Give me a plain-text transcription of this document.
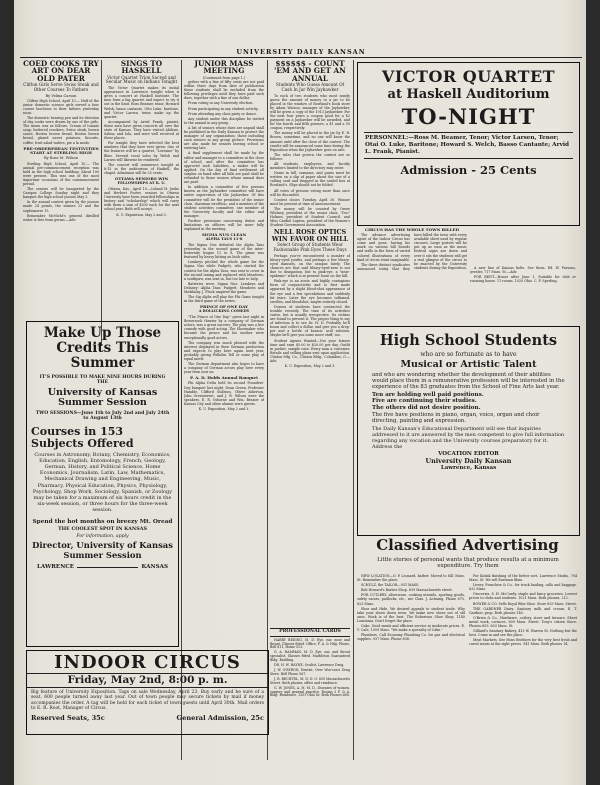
UNIVERSITY DAILY KANSAN
COED COOKS TRY ART ON DEAR OLD PATER
Clifton Girls Serve Swiss Steak and Other Courses To Fathers
By Velma Carson

Clifton High School, April 10.— Half of the junior domestic science girls served a four course luncheon to their fathers yesterday noon.

The domestic hearing pen and its devotion of day cooks were drawn by one of the girls. The menu was as follows: Cream of tomato soup, buttered crackers, Swiss steak, brown sauce, Boston brown bread, Boston brown bread, glazed sweet potatoes, biscuits, coffee, fruit salad wafers, pie a la mode.

PRE-ORDERPHEAN TESTIVITIES START AT STERLING HIGH
By Rose M. Wilson

Sterling High School, April 10.— The annual pre-commencement reception was held in the high school building. About 100 were present. This was one of the most important occasions of the commencement period.

The seniors will be banqueted by the Campus College Sunday night and they banquet the high school juniors May 3.

In the annual contest given by the juniors made 24 points, the seniors 23 and the sophomores 15.

Remember McNicht's general distilled water is free from germs.—Adv.

SINGS TO HASKELL
Victor Quartet Trion Sacred and Secular Music on Indians Tonight

The Victor Quartet makes its initial appearance in Lawrence tonight when it gives a concert at Haskell Institute. The men form a big quartet and expect to try it out in the limit. Ross Beamer, tenor, Howard Welsh, basso cantante, Otto Luke, baritone, and Victor Larsen, tenor, make up the quartet.

Accompanied by Arvid Frank, pianist, these men have given concerts all over the state of Kansas. They have visited Abilene, Salina, and Iola, and were well received at these places.

For tonight they have selected the best numbers that they have ever given. One of the features will be a quartet, "Lorraine" by Bliss. Several vocal solos by Welsh and Larsen will likewise be rendered.

The concert will commence tonight at 8:15 in the auditorium of Haskell, the chapel. Admission will be 25 cents.

OTTAWA SENIORS WIN
FELLOWSHIPS AT K. U.

Ottawa, Kas., April 10.—Leland H. Jenks and Herbert Foster, seniors in Ottawa University have been awarded fellowships in history and "scholarship" which will carry with them a sum of $200 each for the next school year. Both will accept.

K. U. Exposition, May 2 and 3.
JUNIOR MASS MEETING
(Continued from page 1.)

gether with a fine of fifty cents are not paid within three days from date of publication these students shall be excluded from the following privileges until they have paid such dues, together with a fine of one dollar.

From voting in any University election.

From participating in any student activity.

From attending any class party or dance.

Any student under this discipline be invited to the annual in any group.

A list of seniors whose dues are unpaid shall be published in the Daily Kansan to protect the manager of any organization; those including such seniors in any group picture. Provisions are also made for seniors leaving school or entering late.

A final supplement shall be made by the editor and manager to a committee at the close of school, and after the committee has approved such liabilities, a sinker will be applied. On the day of final settlement all surplus on hand after all bills are paid shall be refunded to those seniors whose annual dues are paid.

In addition a committee of five persons known as the Jayhawker committee will have entire supervision of the Jayhawker. Of this committee will be the president of the senior class, chairman ex-officio, and a member of the student activities committee, one member of the University faculty and the editor and manager.

Further provisions concerning duties and limitations on officers will be more fully explained in the meeting.

SIGMA NUS CLEAN
ALPHA TAUS 11-8

The Sigma Nus defeated the Alpha Taus yesterday in the second game of the inter-fraternity league 11 to 8. The game was featured by heavy hitting on both sides.

Lemkeys pitched the whole game for the Sigma Nus while Padgett, who started the contest for the Alpha Taus, was sent to cover in the second inning and replaced with Meadows, a southpaw, was sent in, but too late to help.

Batteries were: Sigma Nus: Lemkeys and Delaney; Alpha Taus: Padgett, Meadows and Meddalay. J. Fluck umpired the game.

The Sig Alphs will play the Phi Gams tonight in the third game of the series.

PRINCE OF ONE DAY
A ROLLICKING COMEDY

"The Prince of One Day," given last night in Bowersock theater by a company of German actors, was a great success. The play was a live comedy with good acting. The Shoemaker who became the prince and his mother were exceptionally good actors.

The company was much pleased with the interest displayed in their German production and expects to play here again next year, probably giving Wilhelm Tell or some play of equal merit.

The German department also hopes to have a company of German actors play here every year from now on.

P. A. D. Holds Annual Banquet

Phi Alpha Delta held its second Founders' Day banquet last night. Dean Green, Professor Hamble, Clifford Sullivan, Oliver Atherton, John Greenstreet, and J. R. Wilson were the speakers. E. R. Osborne and Wm. Brazier of Kansas City and other alumni were guests.

K. U. Exposition, May 2 and 3.
$$$$$$ - COUNT 'EM AND GET AN ANNUAL
Students Who Guess Amount Of Cash In Jar Win Jayhawker

To each of two students who most nearly guess the amount of money in a jar to be placed in the window of Rowland's book store by Adam Watson, manager of the Jayhawker, will be given a copy of the 1913 Jayhawker. For the next four years a coupon good for a $2 payment on a Jayhawker will be awarded, and for the fourth and fifth guesses, a $1 and a 50 coupon, respectively.

The money will be placed in the jar by E. R. Brown, sometime, and no one will know the amount until after the close of the contest. The results will be announced some time during the Exposition when the Jayhawker goes on sale.

The rules that govern the contest are as follows:

All students, employees, and faculty members limited to the directory may enter.

Name in full, surname, and guess must be written on a slip of paper about the size of a calling card and dropped in the sealed box at Rowland's. Slips should not be folded.

All votes of persons voting more than once will be discarded.

Contest closes Tuesday, April 30. Winner must be present at time of announcement.

The money will be counted by Orner Whitney, president of the senior class, "Doc" Holmes, president of Student Council, and Miss Cardiel Lupton, president of the Women's Student Government Association.

NELL ROSE OPTICS WIN FAVOR ON HILL
Select Group of Students Wear Fashionable Pink Eyes These Days

Perhaps you've encountered a number of bleary-eyed youths, and perhaps a few bleary-eyed damsels, on the campus lately. The chances are that said bleary-eyed-ness is not due to dissipation, but to pink-eye, a "near-epidemic" which is at present loose on the hill.

Pink-eye is an acute and highly contagious form of conjunctivitis and is first made apparent by a slight blood-shot appearance of the eye and a few speculations and suddenly fat tears. Later the eye becomes inflamed, swollen, and bloodshot, maybe entirely closed.

Dozens of students have contracted the trouble recently. The time of its activities varies, but is usually irrespective. Its victims are found to prevent it. The proper thing to say of infection is to see Dr. H. D. Probably he'll boom and collect a dollar, and give you a drop-per and a bottle of boracic acid solution. Maybe he'll give you some more stuff, too.

Student Agents Wanted—Use your leisure time and earn $5.00 to $20.00 per day. Outfit in pocket; sample case. Every man a customer. Retails and selling plans sent upon application. Clinton Mfg. Co., Clinton Bldg., Columbus, O.—Adv.

K. U. Exposition, May 2 and 3.
PROFESSIONAL CARDS

HARRY REDING, M. D. Eye, ear, nose and throat. Glasses fitted. Office, F. A. & Hdg. Phone, Bell 811, Home 513.

G. A. HAMMAN, M. D. Eye, ear, and throat specialist. Glasses fitted. Marbleton Guaranteed Bldg. Building.

DR. H. W. HAYNE, Oculist, Lawrence Drug.

J. W. O'BYRON, Dentist, Over Woo'son's Drug Store. Bell Phone 567.

J. R. BECHTEL, M. D. D. O. 835 Massachusetts Street. Both phones, office and residence.

G. W. JONES, A. M. M. D., Diseases of women, surgery and general practice. Rooms 3 F. & A. Bldg. Residence, 1201 Ohio St. Both Phones 668.

VICTOR QUARTET
at Haskell Auditorium
TO-NIGHT
PERSONNEL:—Ross M. Beamer, Tenor; Victor Larsen, Tenor; Otai O. Luke, Baritone; Howard S. Welch, Basso Cantante; Arvid L. Frank, Pianist.
Admission - 25 Cents
CIRCUS HAS THE WHOLE TOWN BILLED

The advance advertising agent of the Indoor Circus has come and gone, having his mark on various bill boards and walls in the form of varied colored illustrations of every kind of circus stunt imaginable.

The three distinct syndicates announced today that they have billed the town with every available sheet used by regular circuses. Large posters will be put up as soon as the music festival signs are down and over it sits the students will get a real glimpse of the circus to be enacted by the University students during the Exposition.	A new line of Kansas belts. See them. Ed. W. Parsons, jeweler, 717 Mass. St.—Adv.

FOR RENT—House after June 1. Suitable for club or rooming house. 11 rooms. 1020 Ohio. C. F. Sperling.

Make Up Those Credits This Summer
IT'S POSSIBLE TO MAKE NINE HOURS DURING THE
University of Kansas Summer Session
TWO SESSIONS—June 1th to July 2nd and July 24th to August 13th
Courses in 153 Subjects Offered
Courses in Astronomy, Botany, Chemistry, Economics, Education, English, Entomology, French, Geology, German, History, and Political Science, Home Economics, Journalism, Latin, Law, Mathematics, Mechanical Drawing and Engineering, Music, Pharmacy, Physical Education, Physics, Physiology, Psychology, Shop Work, Sociology, Spanish, or Zoology may be taken for a maximum of six hours credit in the six-week session, or three hours for the three-week session.
Spend the hot months on breezy Mt. Oread
THE COOLEST SPOT IN KANSAS
For information, apply
Director, University of Kansas Summer Session
LAWRENCE	KANSAS
High School Students
who are so fortunate as to have
Musical or Artistic Talent
and who are wondering whether the development of their abilities would place them in a remunerative profession will be interested in the experience of the 83 graduates from the School of Fine Arts last year.
Ten are holding well paid positions.
Five are continuing their studies.
The others did not desire position.
The five have positions in piano, organ, voice, organ and choir directing, painting and expression.
The Daily Kansan's Educational Department will see that inquiries addressed to it are answered by the men competent to give full information regarding any vocation and the University courses preparatory for it. Address the
VOCATION EDITOR
University Daily Kansan
Lawrence, Kansas
Classified Advertising
Little stories of personal wants that produce results at a minimum expenditure. Try them

NEW LOCATION—O. P. Leonard, barber. Moved to 841 Mass. St. Remember the place.

SCHULZ, the TAILOR—931 MASS.

Bob Howard's Barber Shop, 839 Massachusetts street.

FOR CUTLERY, silverware, cooking utensils, sporting goods, safety razors, padlocks, etc., see Chas. J. Achning, Phone 675, 823 Mass.

Shoe and Hide. We desired appeals to student trade. Why take your shoes down town. We make new shoes out of old ones. Work is of the best. The Robertson Shoe Shop. 1140 Louisiana. Don't forget the place.

Cake. Good meals and efficient service at moderate prices. E. V. Cafe, 1009 Mass. "We make a specialty of Cake."

Plumbers. Call Economy Plumbing Co. for gas and electrical supplies. 937 Mass. Phone 608.

For Kodak finishing of the better sort, Lawrence Studio, 704 Mass. St. We sell Eastman films.

Livery. Franchise & Co., for truck hauling, calls and baggage. 632 Mass.

Groceries. S. H. McCurdy, staple and fancy groceries. Lowest prices to clubs and students. 1021 Mass. Both phones, 212.

BOWER & CO. Sells Royal Blue Shoe. Store 829 Mass. Street.

THE GARDNER Dairy. Sanitary milk and cream. E. T. Gardner, prop. Both phones 140.

O'Brien & Co., Hardware, cutlery, stove and tinware. Sheet metal work, cornices, 809 Mass. Street. Tony's citizen Store. Phones 653. 603 Mass. St.

Gilliard's Sanitary Bakery, 413 W. Warren St. Nothing but the best. Come in and see the place.

Meat Markets. See Moss Brothers for the very best fresh and cured meats at the right prices. 941 Mass. Both phones 14.

INDOOR CIRCUS
Friday, May 2nd, 8:00 p. m.
Big feature of University Exposition. Tags on sale Wednesday, April 23. Buy early and be sure of a seat. 600 people turned away last year. Out of town people may secure tickets by mail if money accompanies the order. A tag will be held for each ticket of town guests until April 30th. Mail orders to E. R. Root, Manager of Circus.
Reserved Seats, 35c	General Admission, 25c
